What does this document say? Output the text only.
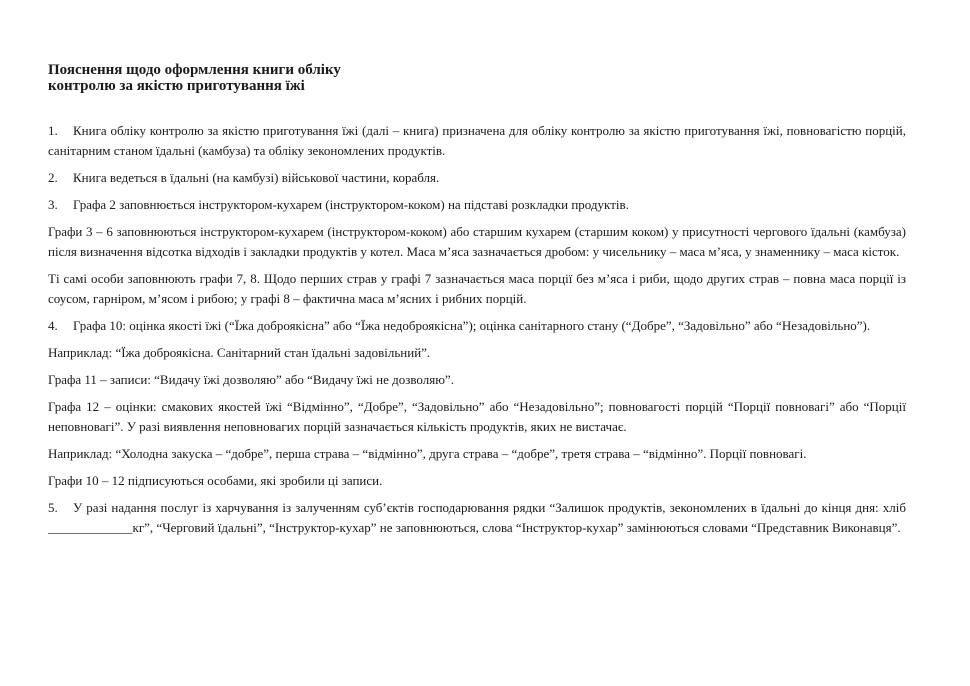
Пояснення щодо оформлення книги обліку
контролю за якістю приготування їжі

1. Книга обліку контролю за якістю приготування їжі (далі – книга) призначена для обліку контролю за якістю приготування їжі, повновагістю порцій, санітарним станом їдальні (камбуза) та обліку зекономлених продуктів.

2. Книга ведеться в їдальні (на камбузі) військової частини, корабля.

3. Графа 2 заповнюється інструктором-кухарем (інструктором-коком) на підставі розкладки продуктів.

Графи 3 – 6 заповнюються інструктором-кухарем (інструктором-коком) або старшим кухарем (старшим коком) у присутності чергового їдальні (камбуза) після визначення відсотка відходів і закладки продуктів у котел. Маса м’яса зазначається дробом: у чисельнику – маса м’яса, у знаменнику – маса кісток.

Ті самі особи заповнюють графи 7, 8. Щодо перших страв у графі 7 зазначається маса порції без м’яса і риби, щодо других страв – повна маса порції із соусом, гарніром, м’ясом і рибою; у графі 8 – фактична маса м’ясних і рибних порцій.

4. Графа 10: оцінка якості їжі (“Їжа доброякісна” або “Їжа недоброякісна”); оцінка санітарного стану (“Добре”, “Задовільно” або “Незадовільно”).

Наприклад: “Їжа доброякісна. Санітарний стан їдальні задовільний”.

Графа 11 – записи: “Видачу їжі дозволяю” або “Видачу їжі не дозволяю”.

Графа 12 – оцінки: смакових якостей їжі “Відмінно”, “Добре”, “Задовільно” або “Незадовільно”; повновагості порцій “Порції повновагі” або “Порції неповновагі”. У разі виявлення неповновагих порцій зазначається кількість продуктів, яких не вистачає.

Наприклад: “Холодна закуска – “добре”, перша страва – “відмінно”, друга страва – “добре”, третя страва – “відмінно”. Порції повновагі.

Графи 10 – 12 підписуються особами, які зробили ці записи.

5. У разі надання послуг із харчування із залученням суб’єктів господарювання рядки “Залишок продуктів, зекономлених в їдальні до кінця дня: хліб _____________кг”, “Черговий їдальні”, “Інструктор-кухар” не заповнюються, слова “Інструктор-кухар” замінюються словами “Представник Виконавця”.
